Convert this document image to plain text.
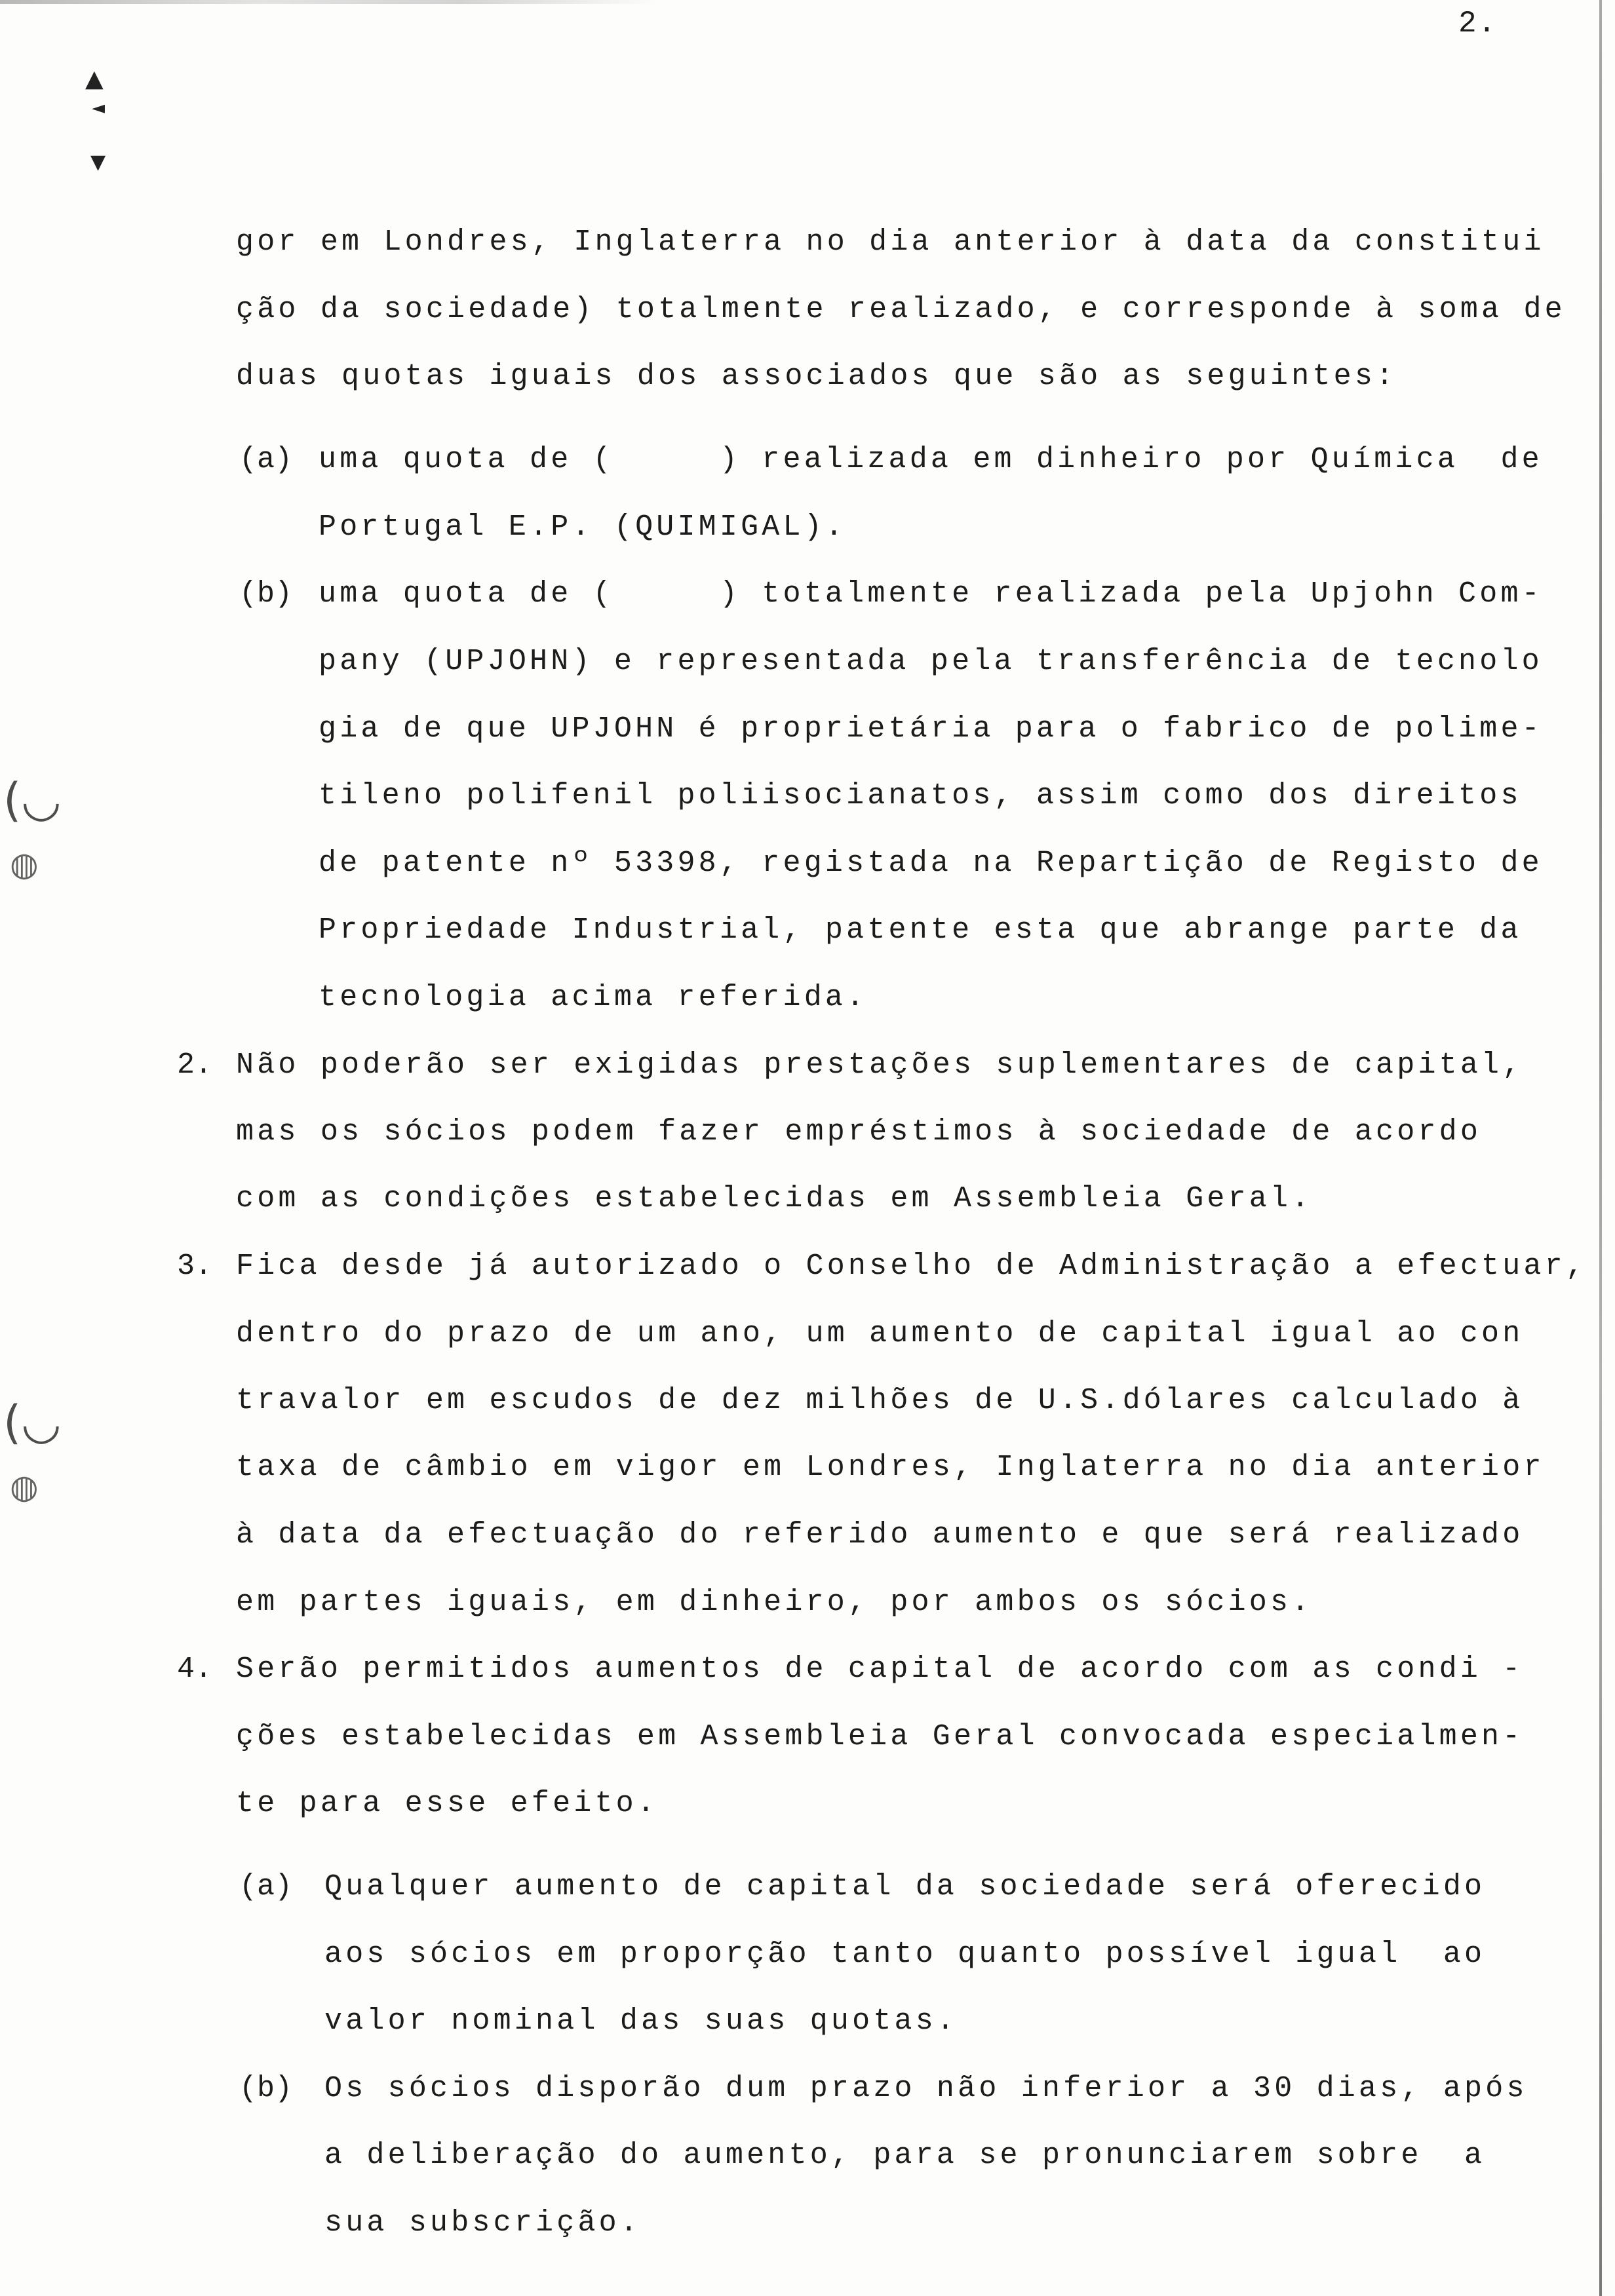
▲
◄
▼
(◡
◍
(◡
◍
2.
gor em Londres, Inglaterra no dia anterior à data da constitui
ção da sociedade) totalmente realizado, e corresponde à soma de
duas quotas iguais dos associados que são as seguintes:
(a) uma quota de (     ) realizada em dinheiro por Química  de
Portugal E.P. (QUIMIGAL).
(b) uma quota de (     ) totalmente realizada pela Upjohn Com-
pany (UPJOHN) e representada pela transferência de tecnolo
gia de que UPJOHN é proprietária para o fabrico de polime-
tileno polifenil poliisocianatos, assim como dos direitos
de patente nº 53398, registada na Repartição de Registo de
Propriedade Industrial, patente esta que abrange parte da
tecnologia acima referida.
2. Não poderão ser exigidas prestações suplementares de capital,
mas os sócios podem fazer empréstimos à sociedade de acordo
com as condições estabelecidas em Assembleia Geral.
3. Fica desde já autorizado o Conselho de Administração a efectuar,
dentro do prazo de um ano, um aumento de capital igual ao con
travalor em escudos de dez milhões de U.S.dólares calculado à
taxa de câmbio em vigor em Londres, Inglaterra no dia anterior
à data da efectuação do referido aumento e que será realizado
em partes iguais, em dinheiro, por ambos os sócios.
4. Serão permitidos aumentos de capital de acordo com as condi -
ções estabelecidas em Assembleia Geral convocada especialmen-
te para esse efeito.
(a) Qualquer aumento de capital da sociedade será oferecido
aos sócios em proporção tanto quanto possível igual  ao
valor nominal das suas quotas.
(b) Os sócios disporão dum prazo não inferior a 30 dias, após
a deliberação do aumento, para se pronunciarem sobre  a
sua subscrição.
